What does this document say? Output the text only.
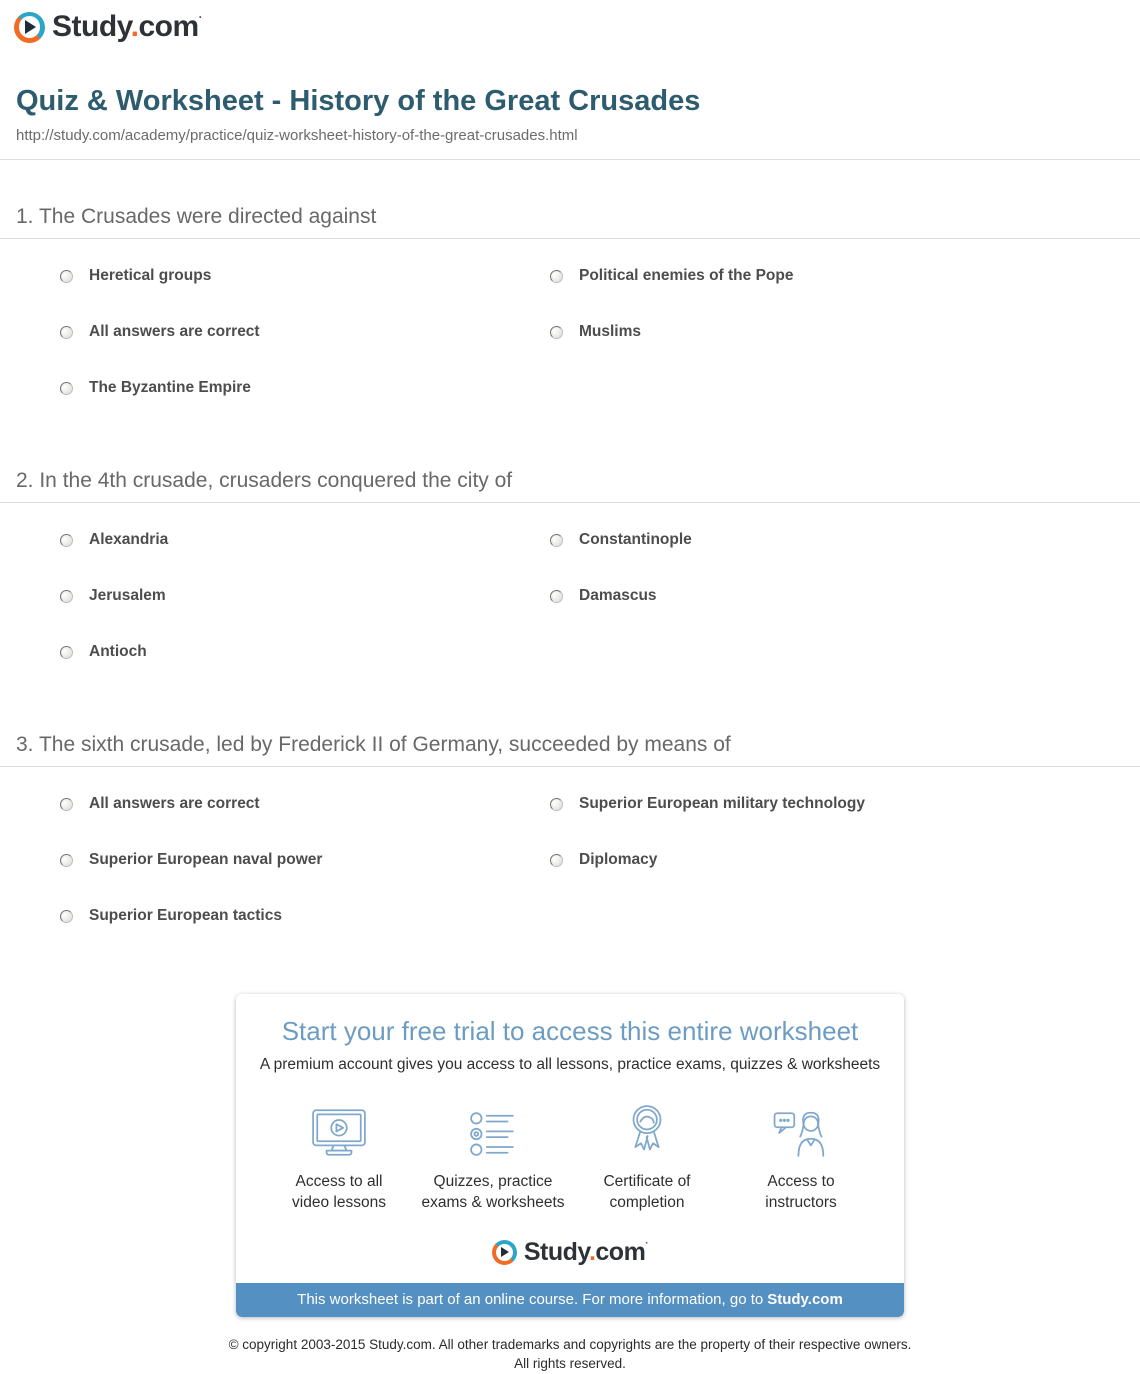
Study.com·
Quiz & Worksheet - History of the Great Crusades
http://study.com/academy/practice/quiz-worksheet-history-of-the-great-crusades.html
1. The Crusades were directed against
Heretical groups
All answers are correct
The Byzantine Empire
Political enemies of the Pope
Muslims
2. In the 4th crusade, crusaders conquered the city of
Alexandria
Jerusalem
Antioch
Constantinople
Damascus
3. The sixth crusade, led by Frederick II of Germany, succeeded by means of
All answers are correct
Superior European naval power
Superior European tactics
Superior European military technology
Diplomacy
Start your free trial to access this entire worksheet
A premium account gives you access to all lessons, practice exams, quizzes & worksheets
Access to all
video lessons
Quizzes, practice
exams & worksheets
Certificate of
completion
Access to
instructors
Study.com·
This worksheet is part of an online course. For more information, go to Study.com
© copyright 2003-2015 Study.com. All other trademarks and copyrights are the property of their respective owners.
All rights reserved.
